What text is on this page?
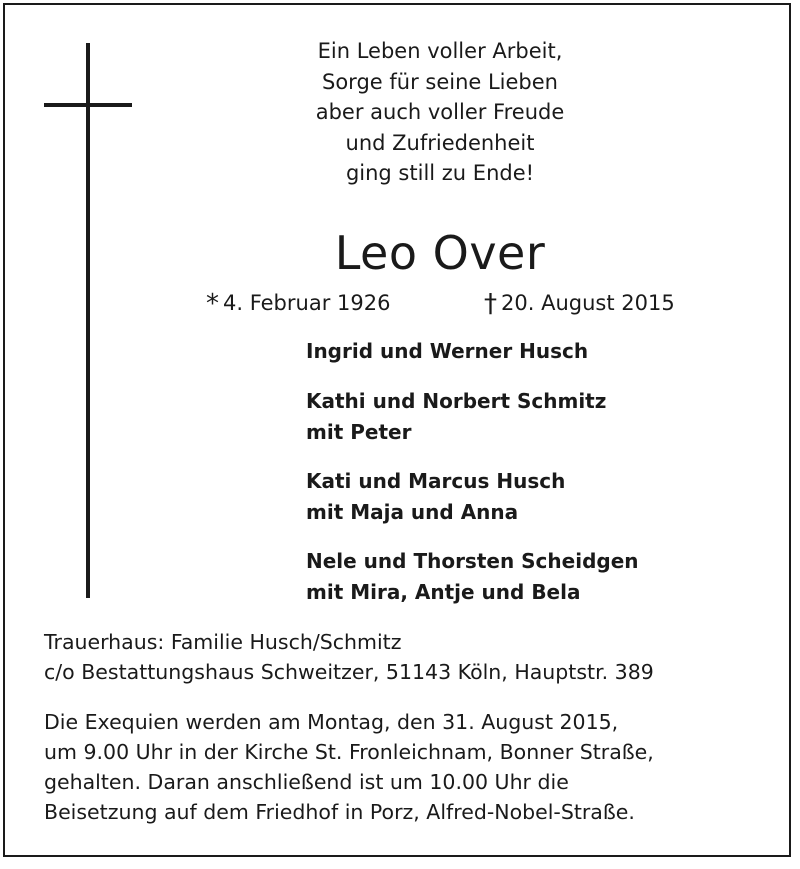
Ein Leben voller Arbeit,
Sorge für seine Lieben
aber auch voller Freude
und Zufriedenheit
ging still zu Ende!
Leo Over
* 4. Februar 1926	† 20. August 2015
Ingrid und Werner Husch
Kathi und Norbert Schmitz
mit Peter
Kati und Marcus Husch
mit Maja und Anna
Nele und Thorsten Scheidgen
mit Mira, Antje und Bela
Trauerhaus: Familie Husch/Schmitz
c/o Bestattungshaus Schweitzer, 51143 Köln, Hauptstr. 389
Die Exequien werden am Montag, den 31. August 2015,
um 9.00 Uhr in der Kirche St. Fronleichnam, Bonner Straße,
gehalten. Daran anschließend ist um 10.00 Uhr die
Beisetzung auf dem Friedhof in Porz, Alfred-Nobel-Straße.
